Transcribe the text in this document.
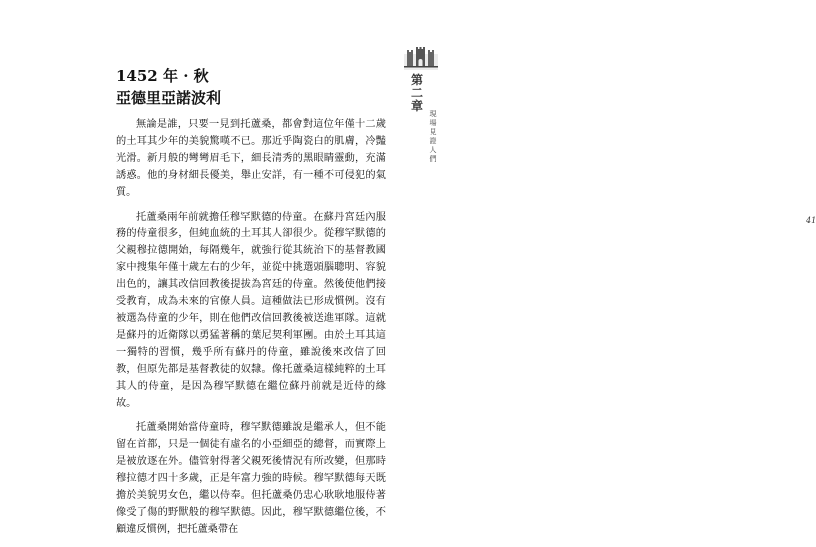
1452 年 · 秋
亞德里亞諾波利

無論是誰，只要一見到托蘆桑，都會對這位年僅十二歲的土耳其少年的美貌驚嘆不已。那近乎陶瓷白的肌膚，冷豔光滑。新月般的彎彎眉毛下，細長清秀的黑眼睛靈動，充滿誘惑。他的身材細長優美，舉止安詳，有一種不可侵犯的氣質。

托蘆桑兩年前就擔任穆罕默德的侍童。在蘇丹宮廷內服務的侍童很多，但純血統的土耳其人卻很少。從穆罕默德的父親穆拉德開始，每隔幾年，就強行從其統治下的基督教國家中搜集年僅十歲左右的少年，並從中挑選頭腦聰明、容貌出色的，讓其改信回教後提拔為宮廷的侍童。然後使他們接受教育，成為未來的官僚人員。這種做法已形成慣例。沒有被選為侍童的少年，則在他們改信回教後被送進軍隊。這就是蘇丹的近衛隊以勇猛著稱的葉尼契利軍團。由於土耳其這一獨特的習慣，幾乎所有蘇丹的侍童，雖說後來改信了回教，但原先都是基督教徒的奴隸。像托蘆桑這樣純粹的土耳其人的侍童，是因為穆罕默德在繼位蘇丹前就是近侍的緣故。

托蘆桑開始當侍童時，穆罕默德雖說是繼承人，但不能留在首都，只是一個徒有虛名的小亞細亞的總督，而實際上是被放逐在外。儘管射得著父親死後情況有所改變，但那時穆拉德才四十多歲，正是年富力強的時候。穆罕默德每天既擔於美貌男女色，繼以侍奉。但托蘆桑仍忠心耿耿地服侍著像受了傷的野獸般的穆罕默德。因此，穆罕默德繼位後，不顧違反慣例，把托蘆桑帶在

第二章
現場見證人們
41
